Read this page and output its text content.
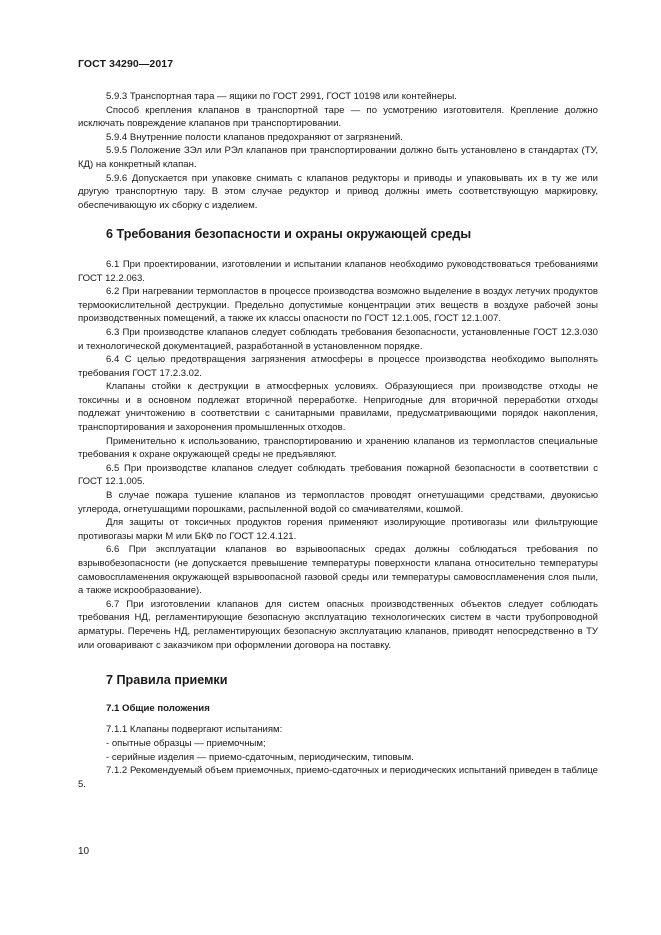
ГОСТ 34290—2017

5.9.3 Транспортная тара — ящики по ГОСТ 2991, ГОСТ 10198 или контейнеры.

Способ крепления клапанов в транспортной таре — по усмотрению изготовителя. Крепление должно исключать повреждение клапанов при транспортировании.

5.9.4 Внутренние полости клапанов предохраняют от загрязнений.

5.9.5 Положение ЗЭл или РЭл клапанов при транспортировании должно быть установлено в стандартах (ТУ, КД) на конкретный клапан.

5.9.6 Допускается при упаковке снимать с клапанов редукторы и приводы и упаковывать их в ту же или другую транспортную тару. В этом случае редуктор и привод должны иметь соответствующую маркировку, обеспечивающую их сборку с изделием.

6 Требования безопасности и охраны окружающей среды

6.1 При проектировании, изготовлении и испытании клапанов необходимо руководствоваться требованиями ГОСТ 12.2.063.

6.2 При нагревании термопластов в процессе производства возможно выделение в воздух летучих продуктов термоокислительной деструкции. Предельно допустимые концентрации этих веществ в воздухе рабочей зоны производственных помещений, а также их классы опасности по ГОСТ 12.1.005, ГОСТ 12.1.007.

6.3 При производстве клапанов следует соблюдать требования безопасности, установленные ГОСТ 12.3.030 и технологической документацией, разработанной в установленном порядке.

6.4 С целью предотвращения загрязнения атмосферы в процессе производства необходимо выполнять требования ГОСТ 17.2.3.02.

Клапаны стойки к деструкции в атмосферных условиях. Образующиеся при производстве отходы не токсичны и в основном подлежат вторичной переработке. Непригодные для вторичной переработки отходы подлежат уничтожению в соответствии с санитарными правилами, предусматривающими порядок накопления, транспортирования и захоронения промышленных отходов.

Применительно к использованию, транспортированию и хранению клапанов из термопластов специальные требования к охране окружающей среды не предъявляют.

6.5 При производстве клапанов следует соблюдать требования пожарной безопасности в соответствии с ГОСТ 12.1.005.

В случае пожара тушение клапанов из термопластов проводят огнетушащими средствами, двуокисью углерода, огнетушащими порошками, распыленной водой со смачивателями, кошмой.

Для защиты от токсичных продуктов горения применяют изолирующие противогазы или фильтрующие противогазы марки М или БКФ по ГОСТ 12.4.121.

6.6 При эксплуатации клапанов во взрывоопасных средах должны соблюдаться требования по взрывобезопасности (не допускается превышение температуры поверхности клапана относительно температуры самовоспламенения окружающей взрывоопасной газовой среды или температуры самовоспламенения слоя пыли, а также искрообразование).

6.7 При изготовлении клапанов для систем опасных производственных объектов следует соблюдать требования НД, регламентирующие безопасную эксплуатацию технологических систем в части трубопроводной арматуры. Перечень НД, регламентирующих безопасную эксплуатацию клапанов, приводят непосредственно в ТУ или оговаривают с заказчиком при оформлении договора на поставку.

7 Правила приемки
7.1 Общие положения

7.1.1 Клапаны подвергают испытаниям:

- опытные образцы — приемочным;

- серийные изделия — приемо-сдаточным, периодическим, типовым.

7.1.2 Рекомендуемый объем приемочных, приемо-сдаточных и периодических испытаний приведен в таблице 5.

10
